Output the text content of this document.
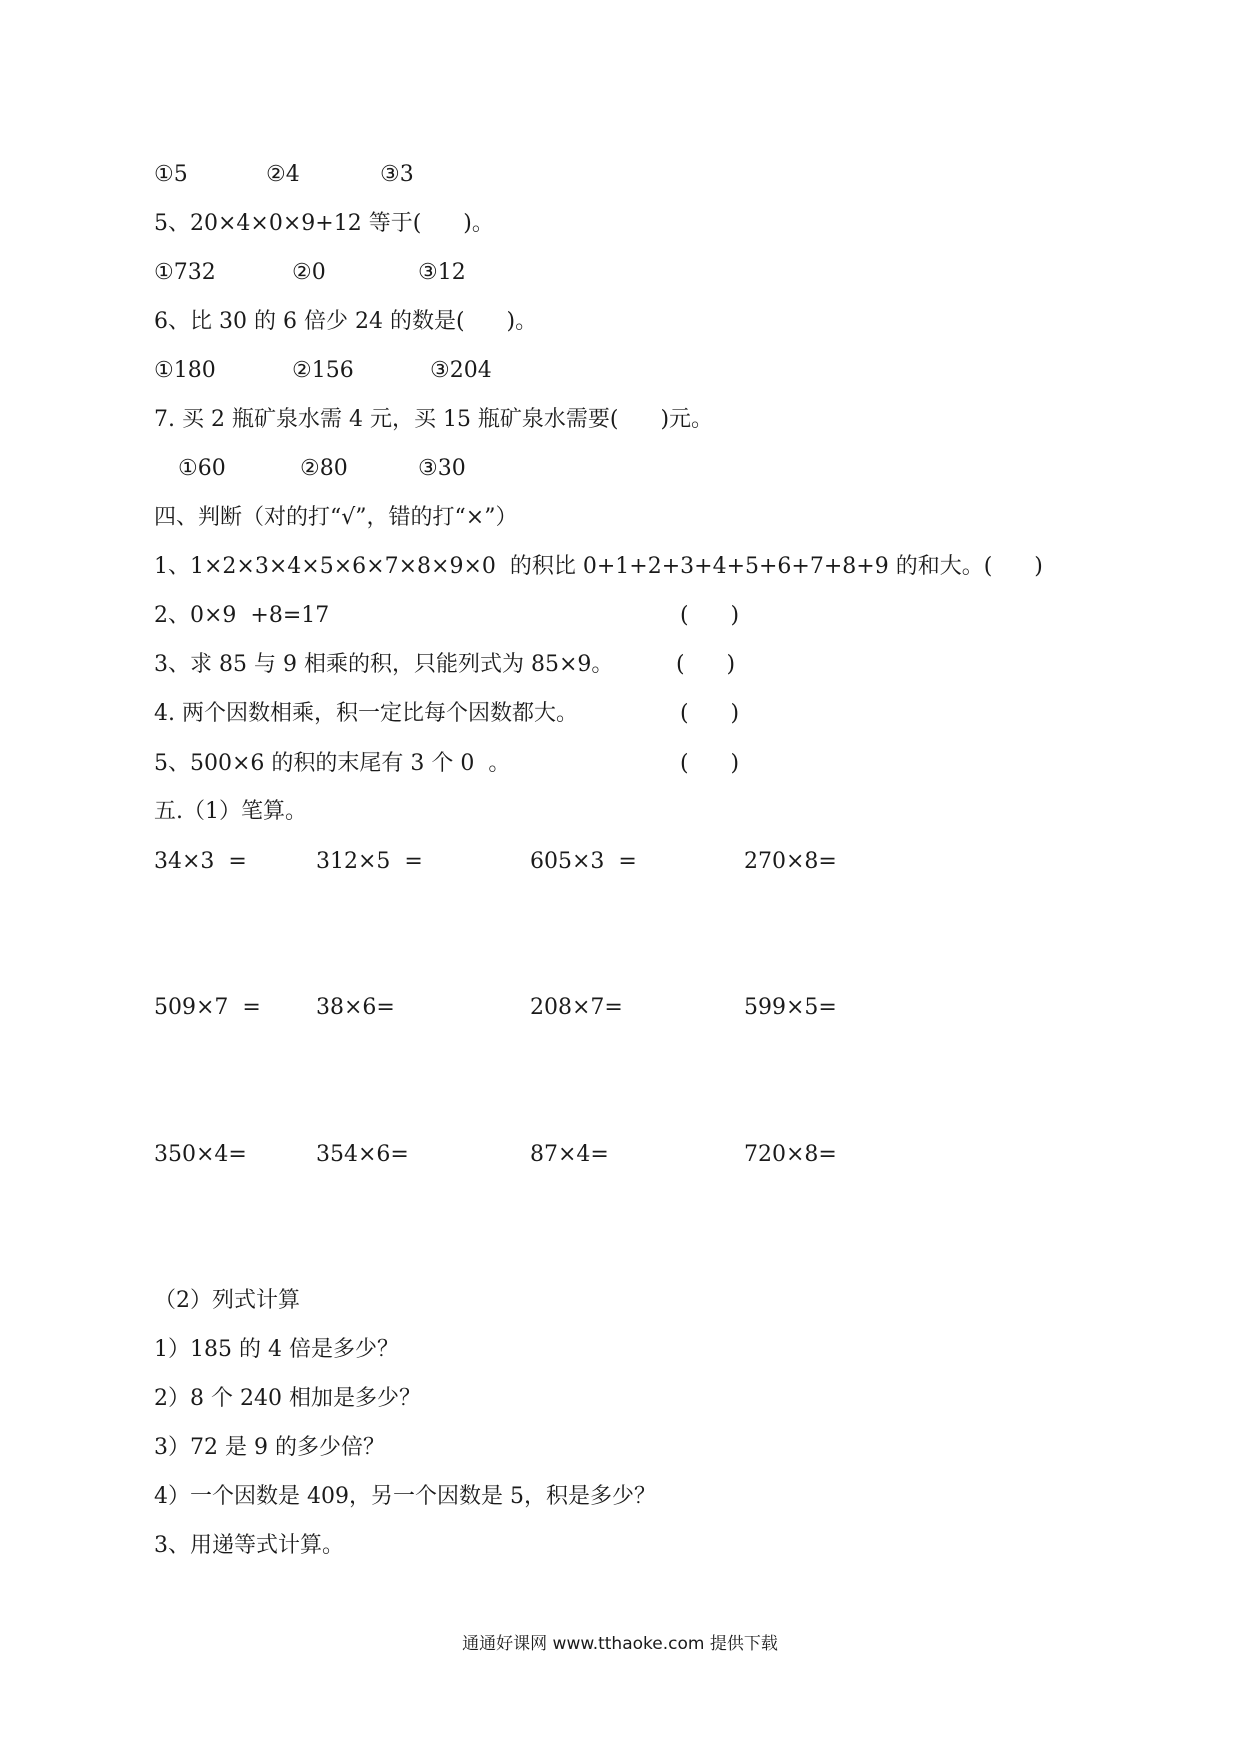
①5	②4	③3
5、20×4×0×9+12 等于(      )。
①732	②0	③12
6、比 30 的 6 倍少 24 的数是(      )。
①180	②156	③204
7. 买 2 瓶矿泉水需 4 元，买 15 瓶矿泉水需要(      )元。
①60	②80	③30
四、判断（对的打“√”，错的打“×”）
1、1×2×3×4×5×6×7×8×9×0  的积比 0+1+2+3+4+5+6+7+8+9 的和大。(      )
2、0×9  +8=17	(      )
3、求 85 与 9 相乘的积，只能列式为 85×9。	(      )
4. 两个因数相乘，积一定比每个因数都大。	(      )
5、500×6 的积的末尾有 3 个 0  。	(      )
五.（1）笔算。
34×3  =	312×5  =	605×3  =	270×8=
509×7  =	38×6=	208×7=	599×5=
350×4=	354×6=	87×4=	720×8=
（2）列式计算
1）185 的 4 倍是多少？
2）8 个 240 相加是多少？
3）72 是 9 的多少倍？
4）一个因数是 409，另一个因数是 5，积是多少？
3、用递等式计算。
通通好课网 www.tthaoke.com 提供下载
